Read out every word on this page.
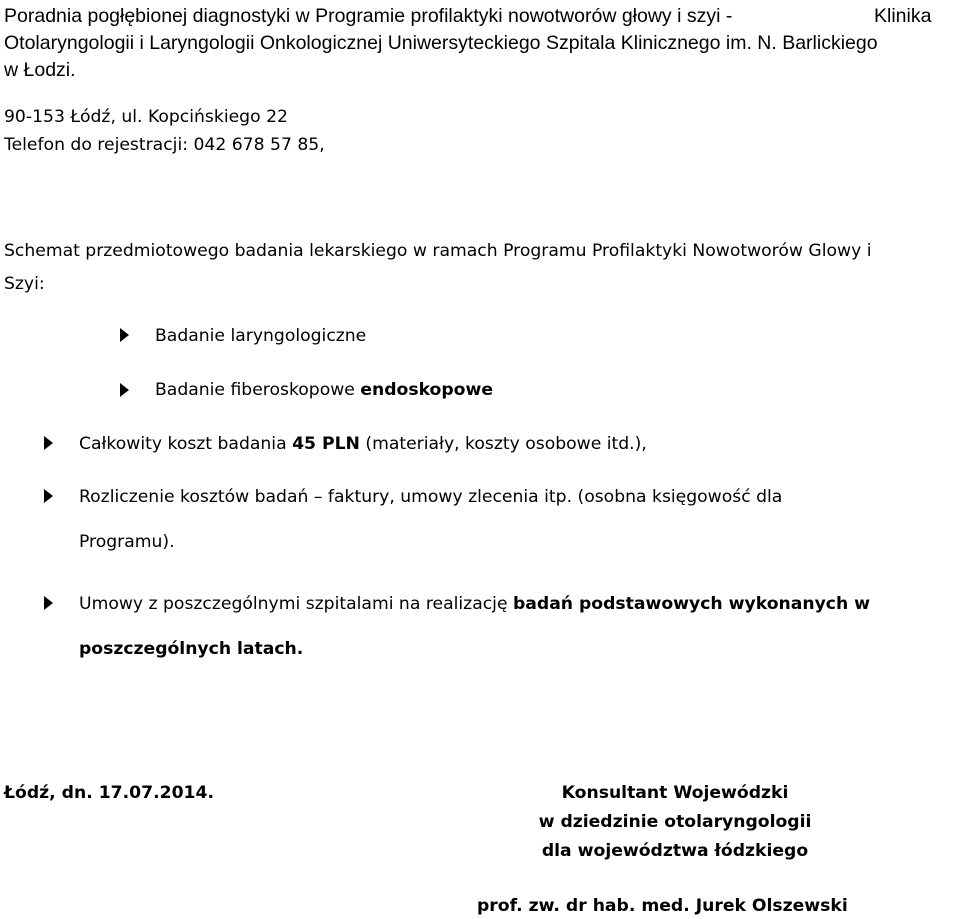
Poradnia pogłębionej diagnostyki w Programie profilaktyki nowotworów głowy i szyi -	Klinika
Otolaryngologii i Laryngologii Onkologicznej Uniwersyteckiego Szpitala Klinicznego im. N. Barlickiego
w Łodzi.
90-153 Łódź, ul. Kopcińskiego 22
Telefon do rejestracji: 042 678 57 85,
Schemat przedmiotowego badania lekarskiego w ramach Programu Profilaktyki Nowotworów Glowy i
Szyi:
Badanie laryngologiczne
Badanie fiberoskopowe endoskopowe
Całkowity koszt badania 45 PLN (materiały, koszty osobowe itd.),
Rozliczenie kosztów badań – faktury, umowy zlecenia itp. (osobna księgowość dla
Programu).
Umowy z poszczególnymi szpitalami na realizację badań podstawowych wykonanych w
poszczególnych latach.
Łódź, dn. 17.07.2014.	Konsultant Wojewódzki
w dziedzinie otolaryngologii
dla województwa łódzkiego
prof. zw. dr hab. med. Jurek Olszewski
